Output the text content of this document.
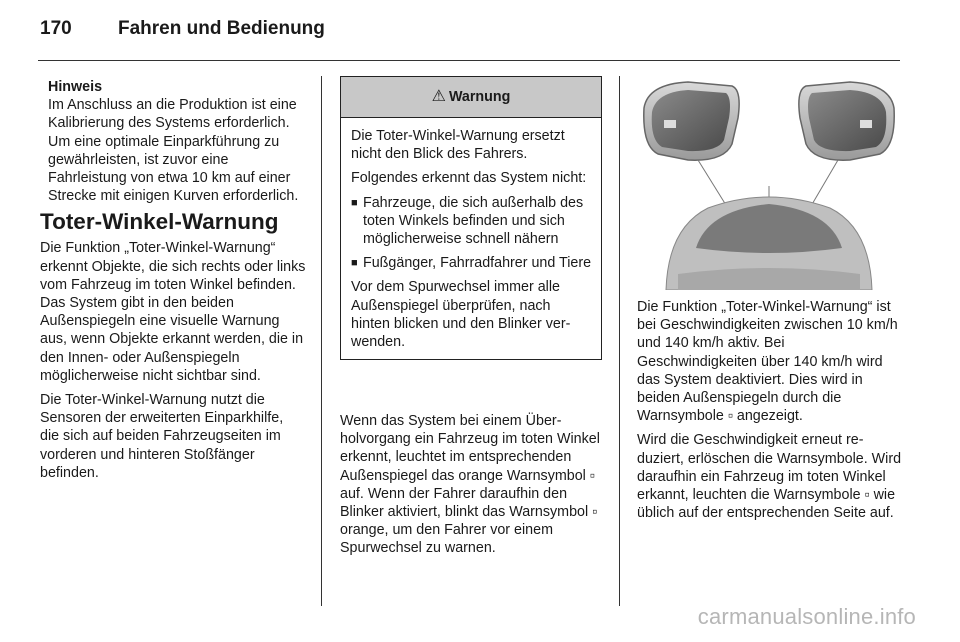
170 Fahren und Bedienung
Hinweis
Im Anschluss an die Produktion ist eine Kalibrierung des Systems erforderlich. Um eine optimale Einparkführung zu gewährleisten, ist zuvor eine Fahrleistung von etwa 10 km auf einer Strecke mit einigen Kurven erforderlich.
Toter-Winkel-Warnung

Die Funktion „Toter-Winkel-Warnung“ erkennt Objekte, die sich rechts oder links vom Fahrzeug im toten Winkel befinden. Das System gibt in den beiden Außenspiegeln eine visuelle Warnung aus, wenn Objekte erkannt werden, die in den Innen- oder Außenspiegeln möglicherweise nicht sichtbar sind.

Die Toter-Winkel-Warnung nutzt die Sensoren der erweiterten Einparkhilfe, die sich auf beiden Fahrzeugseiten im vorderen und hinteren Stoßfänger befinden.

⚠ Warnung

Die Toter-Winkel-Warnung ersetzt nicht den Blick des Fahrers.

Folgendes erkennt das System nicht:

■ Fahrzeuge, die sich außerhalb des toten Winkels befinden und sich möglicherweise schnell nähern
■ Fußgänger, Fahrradfahrer und Tiere

Vor dem Spurwechsel immer alle Außenspiegel überprüfen, nach hinten blicken und den Blinker verwenden.

Wenn das System bei einem Überholvorgang ein Fahrzeug im toten Winkel erkennt, leuchtet im entsprechenden Außenspiegel das orange Warnsymbol ▫︎ auf. Wenn der Fahrer daraufhin den Blinker aktiviert, blinkt das Warnsymbol ▫︎ orange, um den Fahrer vor einem Spurwechsel zu warnen.

Die Funktion „Toter-Winkel-Warnung“ ist bei Geschwindigkeiten zwischen 10 km/h und 140 km/h aktiv. Bei Geschwindigkeiten über 140 km/h wird das System deaktiviert. Dies wird in beiden Außenspiegeln durch die Warnsymbole ▫︎ angezeigt.

Wird die Geschwindigkeit erneut reduziert, erlöschen die Warnsymbole. Wird daraufhin ein Fahrzeug im toten Winkel erkannt, leuchten die Warnsymbole ▫︎ wie üblich auf der entsprechenden Seite auf.

carmanualsonline.info
